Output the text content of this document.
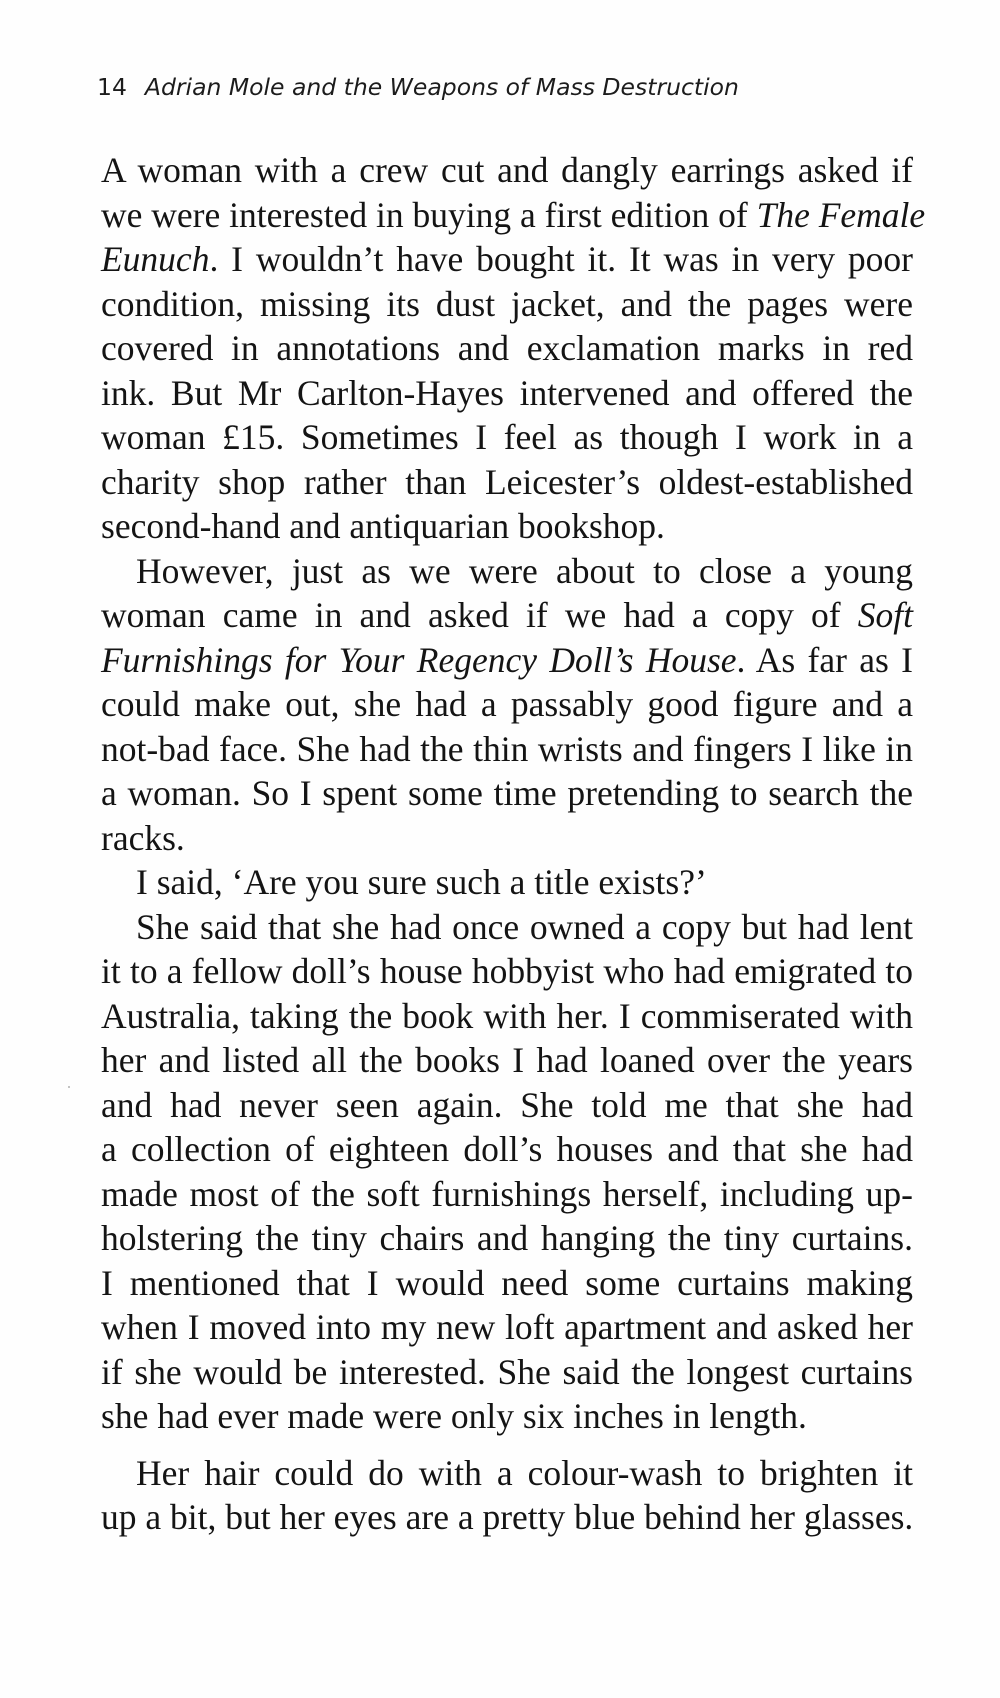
14 Adrian Mole and the Weapons of Mass Destruction
A woman with a crew cut and dangly earrings asked if
we were interested in buying a first edition of The Female
Eunuch. I wouldn’t have bought it. It was in very poor
condition, missing its dust jacket, and the pages were
covered in annotations and exclamation marks in red
ink. But Mr Carlton-Hayes intervened and offered the
woman £15. Sometimes I feel as though I work in a
charity shop rather than Leicester’s oldest-established
second-hand and antiquarian bookshop.
However, just as we were about to close a young
woman came in and asked if we had a copy of Soft
Furnishings for Your Regency Doll’s House. As far as I
could make out, she had a passably good figure and a
not-bad face. She had the thin wrists and fingers I like in
a woman. So I spent some time pretending to search the
racks.
I said, ‘Are you sure such a title exists?’
She said that she had once owned a copy but had lent
it to a fellow doll’s house hobbyist who had emigrated to
Australia, taking the book with her. I commiserated with
her and listed all the books I had loaned over the years
and had never seen again. She told me that she had
a collection of eighteen doll’s houses and that she had
made most of the soft furnishings herself, including up-
holstering the tiny chairs and hanging the tiny curtains.
I mentioned that I would need some curtains making
when I moved into my new loft apartment and asked her
if she would be interested. She said the longest curtains
she had ever made were only six inches in length.
Her hair could do with a colour-wash to brighten it
up a bit, but her eyes are a pretty blue behind her glasses.
